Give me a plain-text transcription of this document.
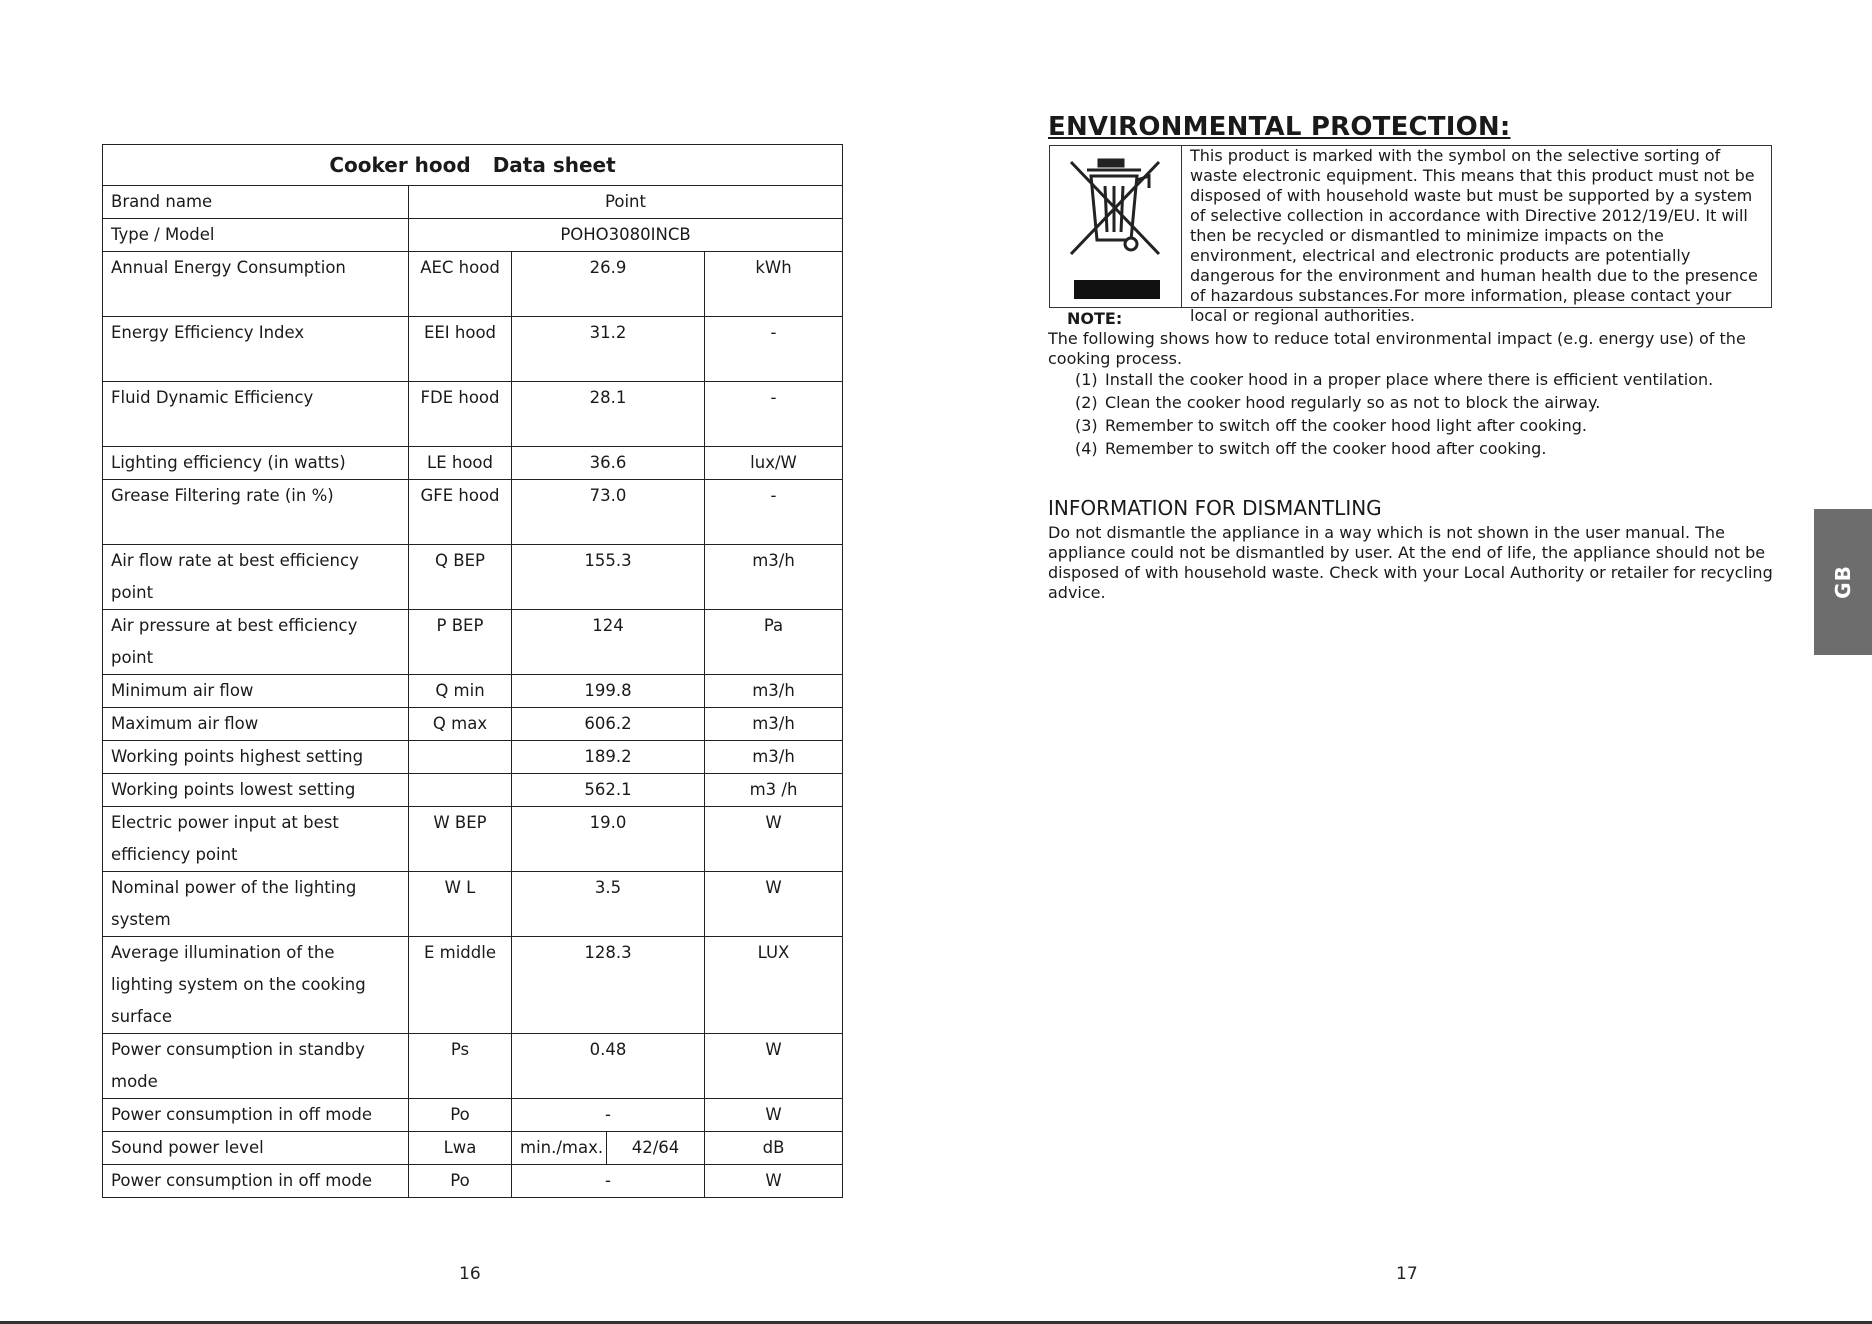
Cooker hood Data sheet			
Brand name	Point		
Type / Model	POHO3080INCB		
Annual Energy Consumption	AEC hood	26.9	kWh
Energy Efficiency Index	EEI hood	31.2	-
Fluid Dynamic Efficiency	FDE hood	28.1	-
Lighting efficiency (in watts)	LE hood	36.6	lux/W
Grease Filtering rate (in %)	GFE hood	73.0	-
Air flow rate at best efficiency point	Q BEP	155.3	m3/h
Air pressure at best efficiency point	P BEP	124	Pa
Minimum air flow	Q min	199.8	m3/h
Maximum air flow	Q max	606.2	m3/h
Working points highest setting		189.2	m3/h
Working points lowest setting		562.1	m3 /h
Electric power input at best efficiency point	W BEP	19.0	W
Nominal power of the lighting system	W L	3.5	W
Average illumination of the lighting system on the cooking surface	E middle	128.3	LUX
Power consumption in standby mode	Ps	0.48	W
Power consumption in off mode	Po	-	W
Sound power level	Lwa	min./max. 42/64	dB
Power consumption in off mode	Po	-	W
16
ENVIRONMENTAL PROTECTION:
This product is marked with the symbol on the selective sorting of waste electronic equipment. This means that this product must not be disposed of with household waste but must be supported by a system of selective collection in accordance with Directive 2012/19/EU. It will then be recycled or dismantled to minimize impacts on the environment, electrical and electronic products are potentially dangerous for the environment and human health due to the presence of hazardous substances.For more information, please contact your local or regional authorities.
NOTE:
The following shows how to reduce total environmental impact (e.g. energy use) of the cooking process.
(1) Install the cooker hood in a proper place where there is efficient ventilation.
(2) Clean the cooker hood regularly so as not to block the airway.
(3) Remember to switch off the cooker hood light after cooking.
(4) Remember to switch off the cooker hood after cooking.
INFORMATION FOR DISMANTLING
Do not dismantle the appliance in a way which is not shown in the user manual. The appliance could not be dismantled by user. At the end of life, the appliance should not be disposed of with household waste. Check with your Local Authority or retailer for recycling advice.	GB
17
